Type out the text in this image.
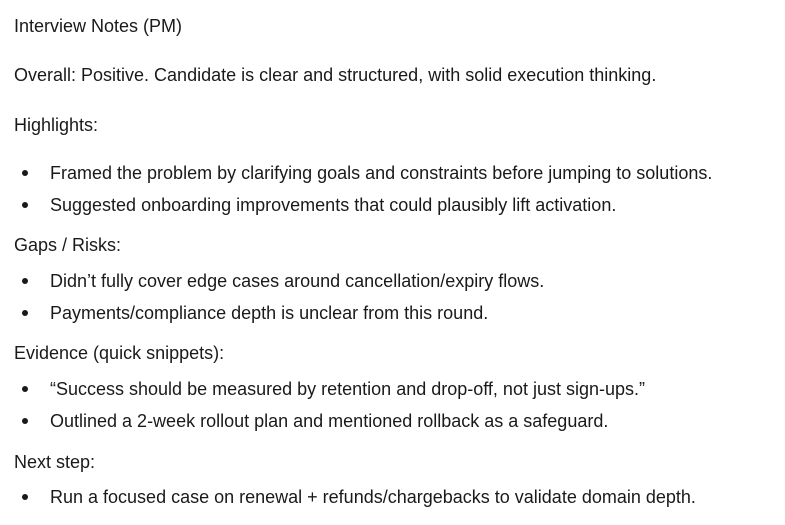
Interview Notes (PM)
Overall: Positive. Candidate is clear and structured, with solid execution thinking.
Highlights:
Framed the problem by clarifying goals and constraints before jumping to solutions.
Suggested onboarding improvements that could plausibly lift activation.
Gaps / Risks:
Didn’t fully cover edge cases around cancellation/expiry flows.
Payments/compliance depth is unclear from this round.
Evidence (quick snippets):
“Success should be measured by retention and drop-off, not just sign-ups.”
Outlined a 2-week rollout plan and mentioned rollback as a safeguard.
Next step:
Run a focused case on renewal + refunds/chargebacks to validate domain depth.
